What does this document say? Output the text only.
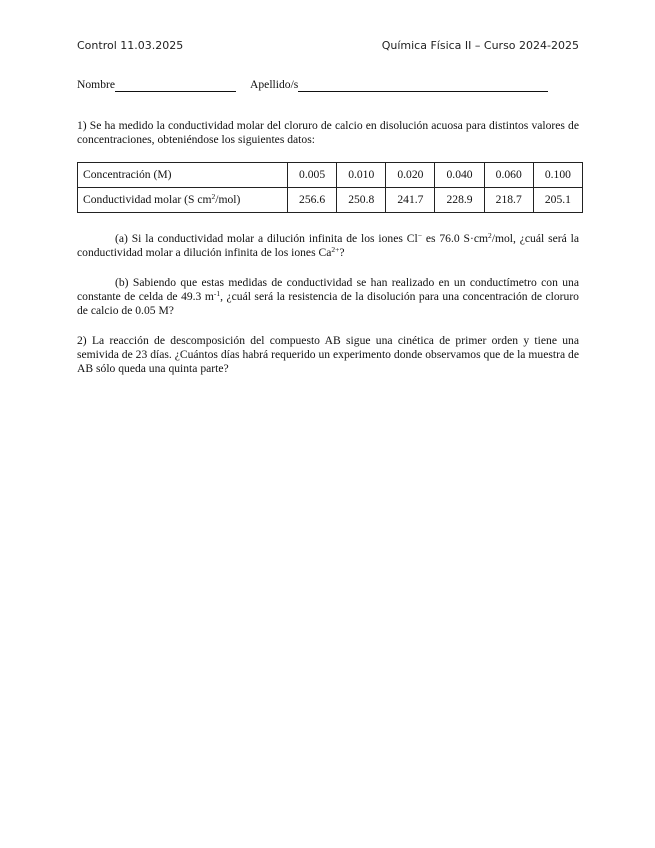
Control 11.03.2025	Química Física II – Curso 2024-2025
Nombre	Apellido/s

1) Se ha medido la conductividad molar del cloruro de calcio en disolución acuosa para distintos valores de concentraciones, obteniéndose los siguientes datos:

Concentración (M)	0.005	0.010	0.020	0.040	0.060	0.100
Conductividad molar (S $cm^2/mol$)	256.6	250.8	241.7	228.9	218.7	205.1

(a) Si la conductividad molar a dilución infinita de los iones Cl− es 76.0 $S\cdot cm^2$/mol, ¿cuál será la conductividad molar a dilución infinita de los iones $Ca^{2+}$?

(b) Sabiendo que estas medidas de conductividad se han realizado en un conductímetro con una constante de celda de 49.3 $m^{-1}$, ¿cuál será la resistencia de la disolución para una concentración de cloruro de calcio de 0.05 M?

2) La reacción de descomposición del compuesto AB sigue una cinética de primer orden y tiene una semivida de 23 días. ¿Cuántos días habrá requerido un experimento donde observamos que de la muestra de AB sólo queda una quinta parte?
